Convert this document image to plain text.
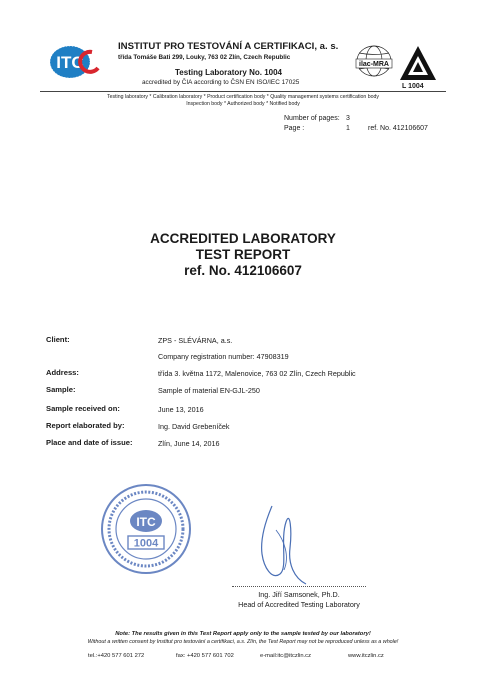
ITC
INSTITUT PRO TESTOVÁNÍ A CERTIFIKACI, a. s.
třída Tomáše Bati 299, Louky, 763 02 Zlín, Czech Republic
Testing Laboratory No. 1004
accredited by ČIA according to ČSN EN ISO/IEC 17025
ilac-MRA
L 1004
Testing laboratory * Calibration laboratory * Product certification body * Quality management systems certification body
Inspection body * Authorized body * Notified body
Number of pages: 3
Page :	1	ref. No. 412106607
ACCREDITED LABORATORY
TEST REPORT
ref. No. 412106607
Client:	ZPS - SLÉVÁRNA, a.s.
Company registration number: 47908319
Address:	třída 3. května 1172, Malenovice, 763 02 Zlín, Czech Republic
Sample:	Sample of material EN-GJL-250
Sample received on:	June 13, 2016
Report elaborated by:	Ing. David Grebeníček
Place and date of issue:	Zlín, June 14, 2016
ITC
1004
Ing. Jiří Samsonek, Ph.D.
Head of Accredited Testing Laboratory
Note: The results given in this Test Report apply only to the sample tested by our laboratory!
Without a written consent by Institut pro testování a certifikaci, a.s. Zlín, the Test Report may not be reproduced unless as a whole!
tel.:+420 577 601 272	fax: +420 577 601 702	e-mail:itc@itczlin.cz	www.itczlin.cz
